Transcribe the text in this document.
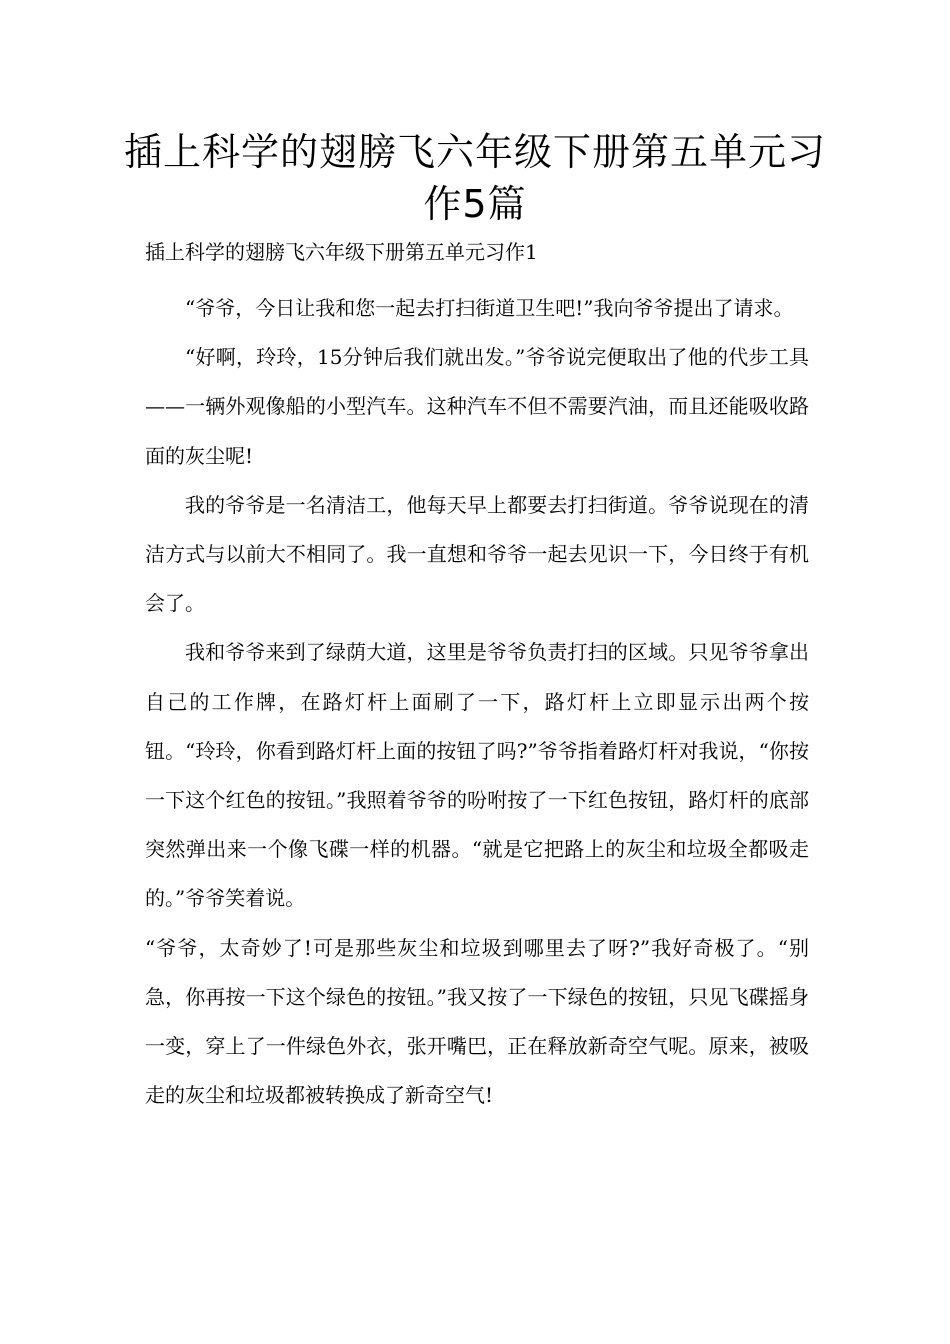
插上科学的翅膀飞六年级下册第五单元习作5篇

插上科学的翅膀飞六年级下册第五单元习作1

“爷爷，今日让我和您一起去打扫街道卫生吧!”我向爷爷提出了请求。

“好啊，玲玲，15分钟后我们就出发。”爷爷说完便取出了他的代步工具——一辆外观像船的小型汽车。这种汽车不但不需要汽油，而且还能吸收路面的灰尘呢!

我的爷爷是一名清洁工，他每天早上都要去打扫街道。爷爷说现在的清洁方式与以前大不相同了。我一直想和爷爷一起去见识一下，今日终于有机会了。

我和爷爷来到了绿荫大道，这里是爷爷负责打扫的区域。只见爷爷拿出自己的工作牌，在路灯杆上面刷了一下，路灯杆上立即显示出两个按钮。“玲玲，你看到路灯杆上面的按钮了吗?”爷爷指着路灯杆对我说，“你按一下这个红色的按钮。”我照着爷爷的吩咐按了一下红色按钮，路灯杆的底部突然弹出来一个像飞碟一样的机器。“就是它把路上的灰尘和垃圾全都吸走的。”爷爷笑着说。

“爷爷，太奇妙了!可是那些灰尘和垃圾到哪里去了呀?”我好奇极了。“别急，你再按一下这个绿色的按钮。”我又按了一下绿色的按钮，只见飞碟摇身一变，穿上了一件绿色外衣，张开嘴巴，正在释放新奇空气呢。原来，被吸走的灰尘和垃圾都被转换成了新奇空气!
